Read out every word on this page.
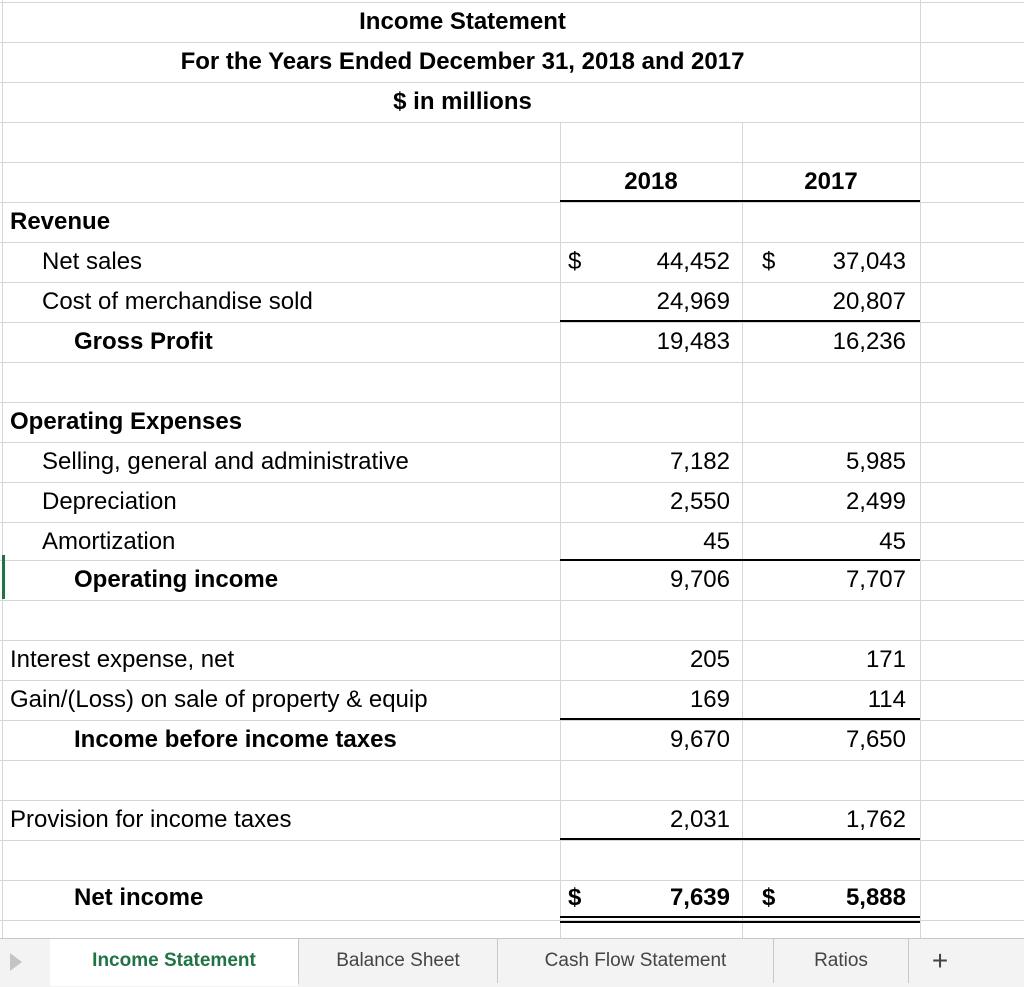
Income Statement
For the Years Ended December 31, 2018 and 2017
$ in millions
2018	2017
Revenue
Net sales	$	44,452 $	37,043
Cost of merchandise sold	24,969	20,807
Gross Profit	19,483	16,236
Operating Expenses
Selling, general and administrative	7,182	5,985
Depreciation	2,550	2,499
Amortization	45	45
Operating income	9,706	7,707
Interest expense, net	205	171
Gain/(Loss) on sale of property & equip	169	114
Income before income taxes	9,670	7,650
Provision for income taxes	2,031	1,762
Net income	$	7,639 $	5,888
Income Statement	Balance Sheet	Cash Flow Statement	Ratios	+
